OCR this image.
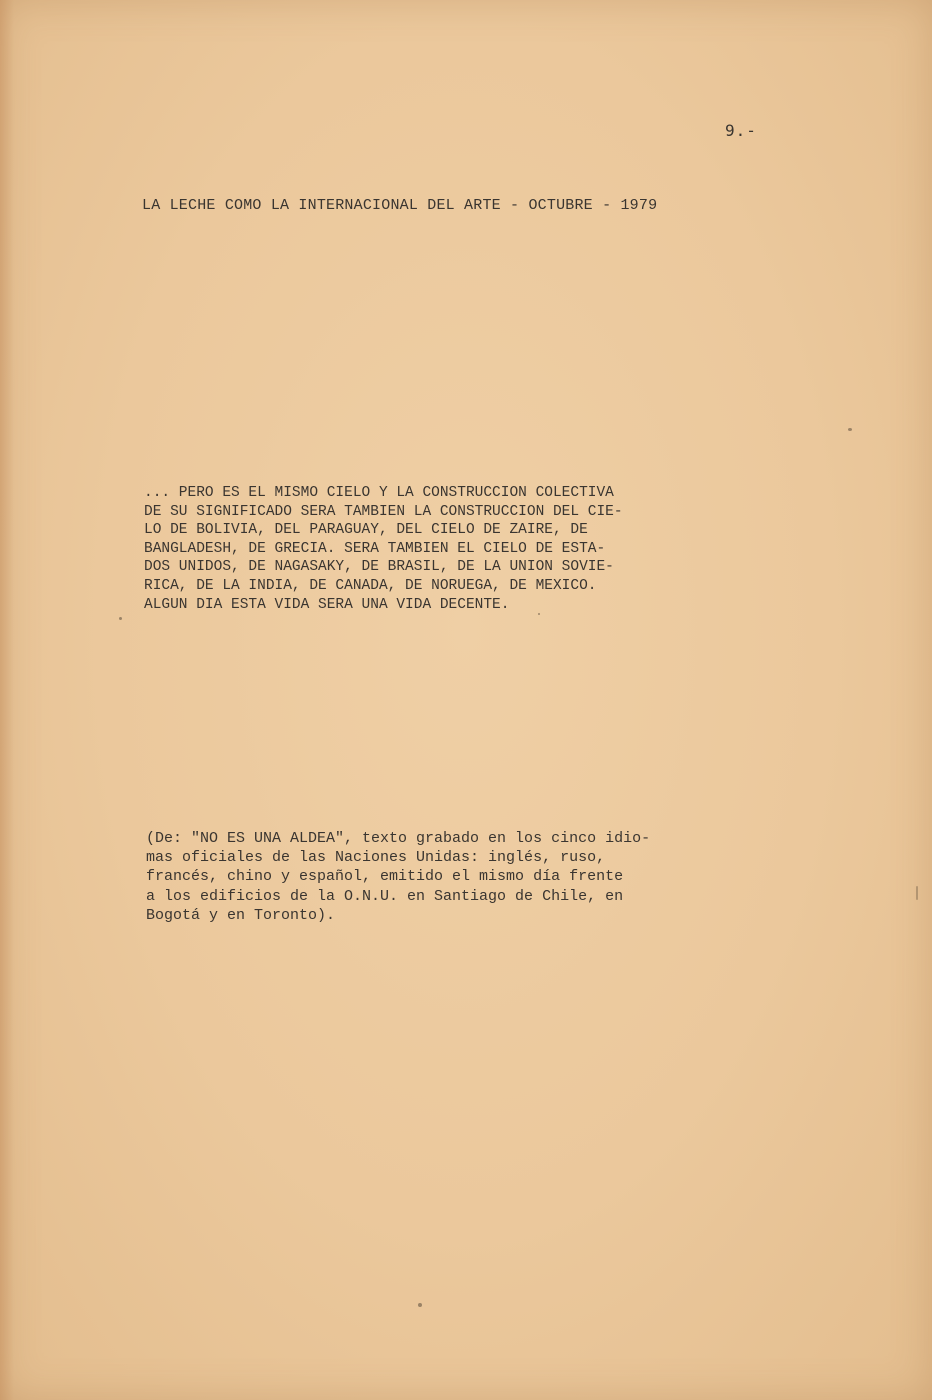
9.-
LA LECHE COMO LA INTERNACIONAL DEL ARTE - OCTUBRE - 1979
... PERO ES EL MISMO CIELO Y LA CONSTRUCCION COLECTIVA
DE SU SIGNIFICADO SERA TAMBIEN LA CONSTRUCCION DEL CIE-
LO DE BOLIVIA, DEL PARAGUAY, DEL CIELO DE ZAIRE, DE
BANGLADESH, DE GRECIA. SERA TAMBIEN EL CIELO DE ESTA-
DOS UNIDOS, DE NAGASAKY, DE BRASIL, DE LA UNION SOVIE-
RICA, DE LA INDIA, DE CANADA, DE NORUEGA, DE MEXICO.
ALGUN DIA ESTA VIDA SERA UNA VIDA DECENTE.
(De: "NO ES UNA ALDEA", texto grabado en los cinco idio-
mas oficiales de las Naciones Unidas: inglés, ruso,
francés, chino y español, emitido el mismo día frente
a los edificios de la O.N.U. en Santiago de Chile, en
Bogotá y en Toronto).
